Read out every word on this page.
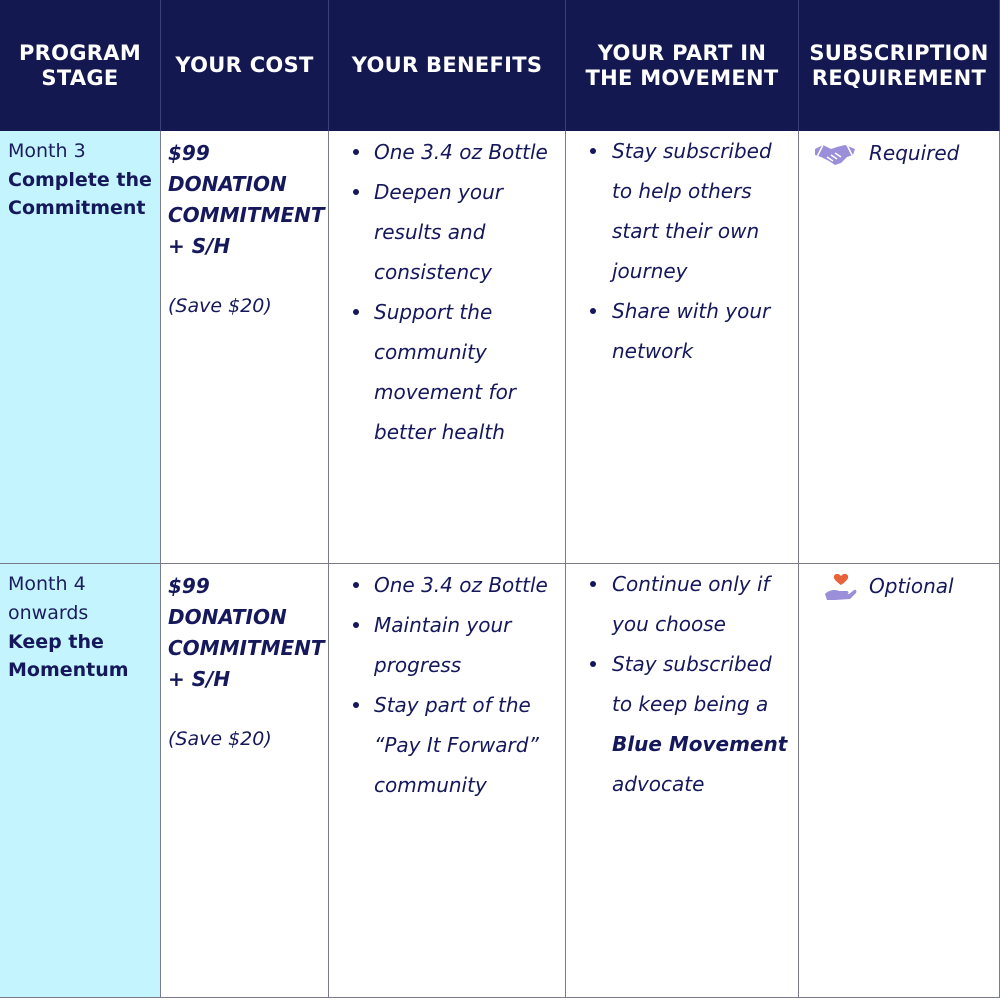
PROGRAM STAGE
YOUR COST	YOUR BENEFITS
YOUR PART IN THE MOVEMENT
SUBSCRIPTION REQUIREMENT
Month 3
Complete the Commitment
$99
DONATION
COMMITMENT
+ S/H
(Save $20)
One 3.4 oz Bottle
Deepen your results and consistency
Support the community movement for better health
Stay subscribed to help others start their own journey
Share with your network
Required
Month 4 onwards
Keep the Momentum
$99
DONATION
COMMITMENT
+ S/H
(Save $20)
One 3.4 oz Bottle
Maintain your progress
Stay part of the “Pay It Forward” community
Continue only if you choose
Stay subscribed to keep being a Blue Movement advocate
Optional
